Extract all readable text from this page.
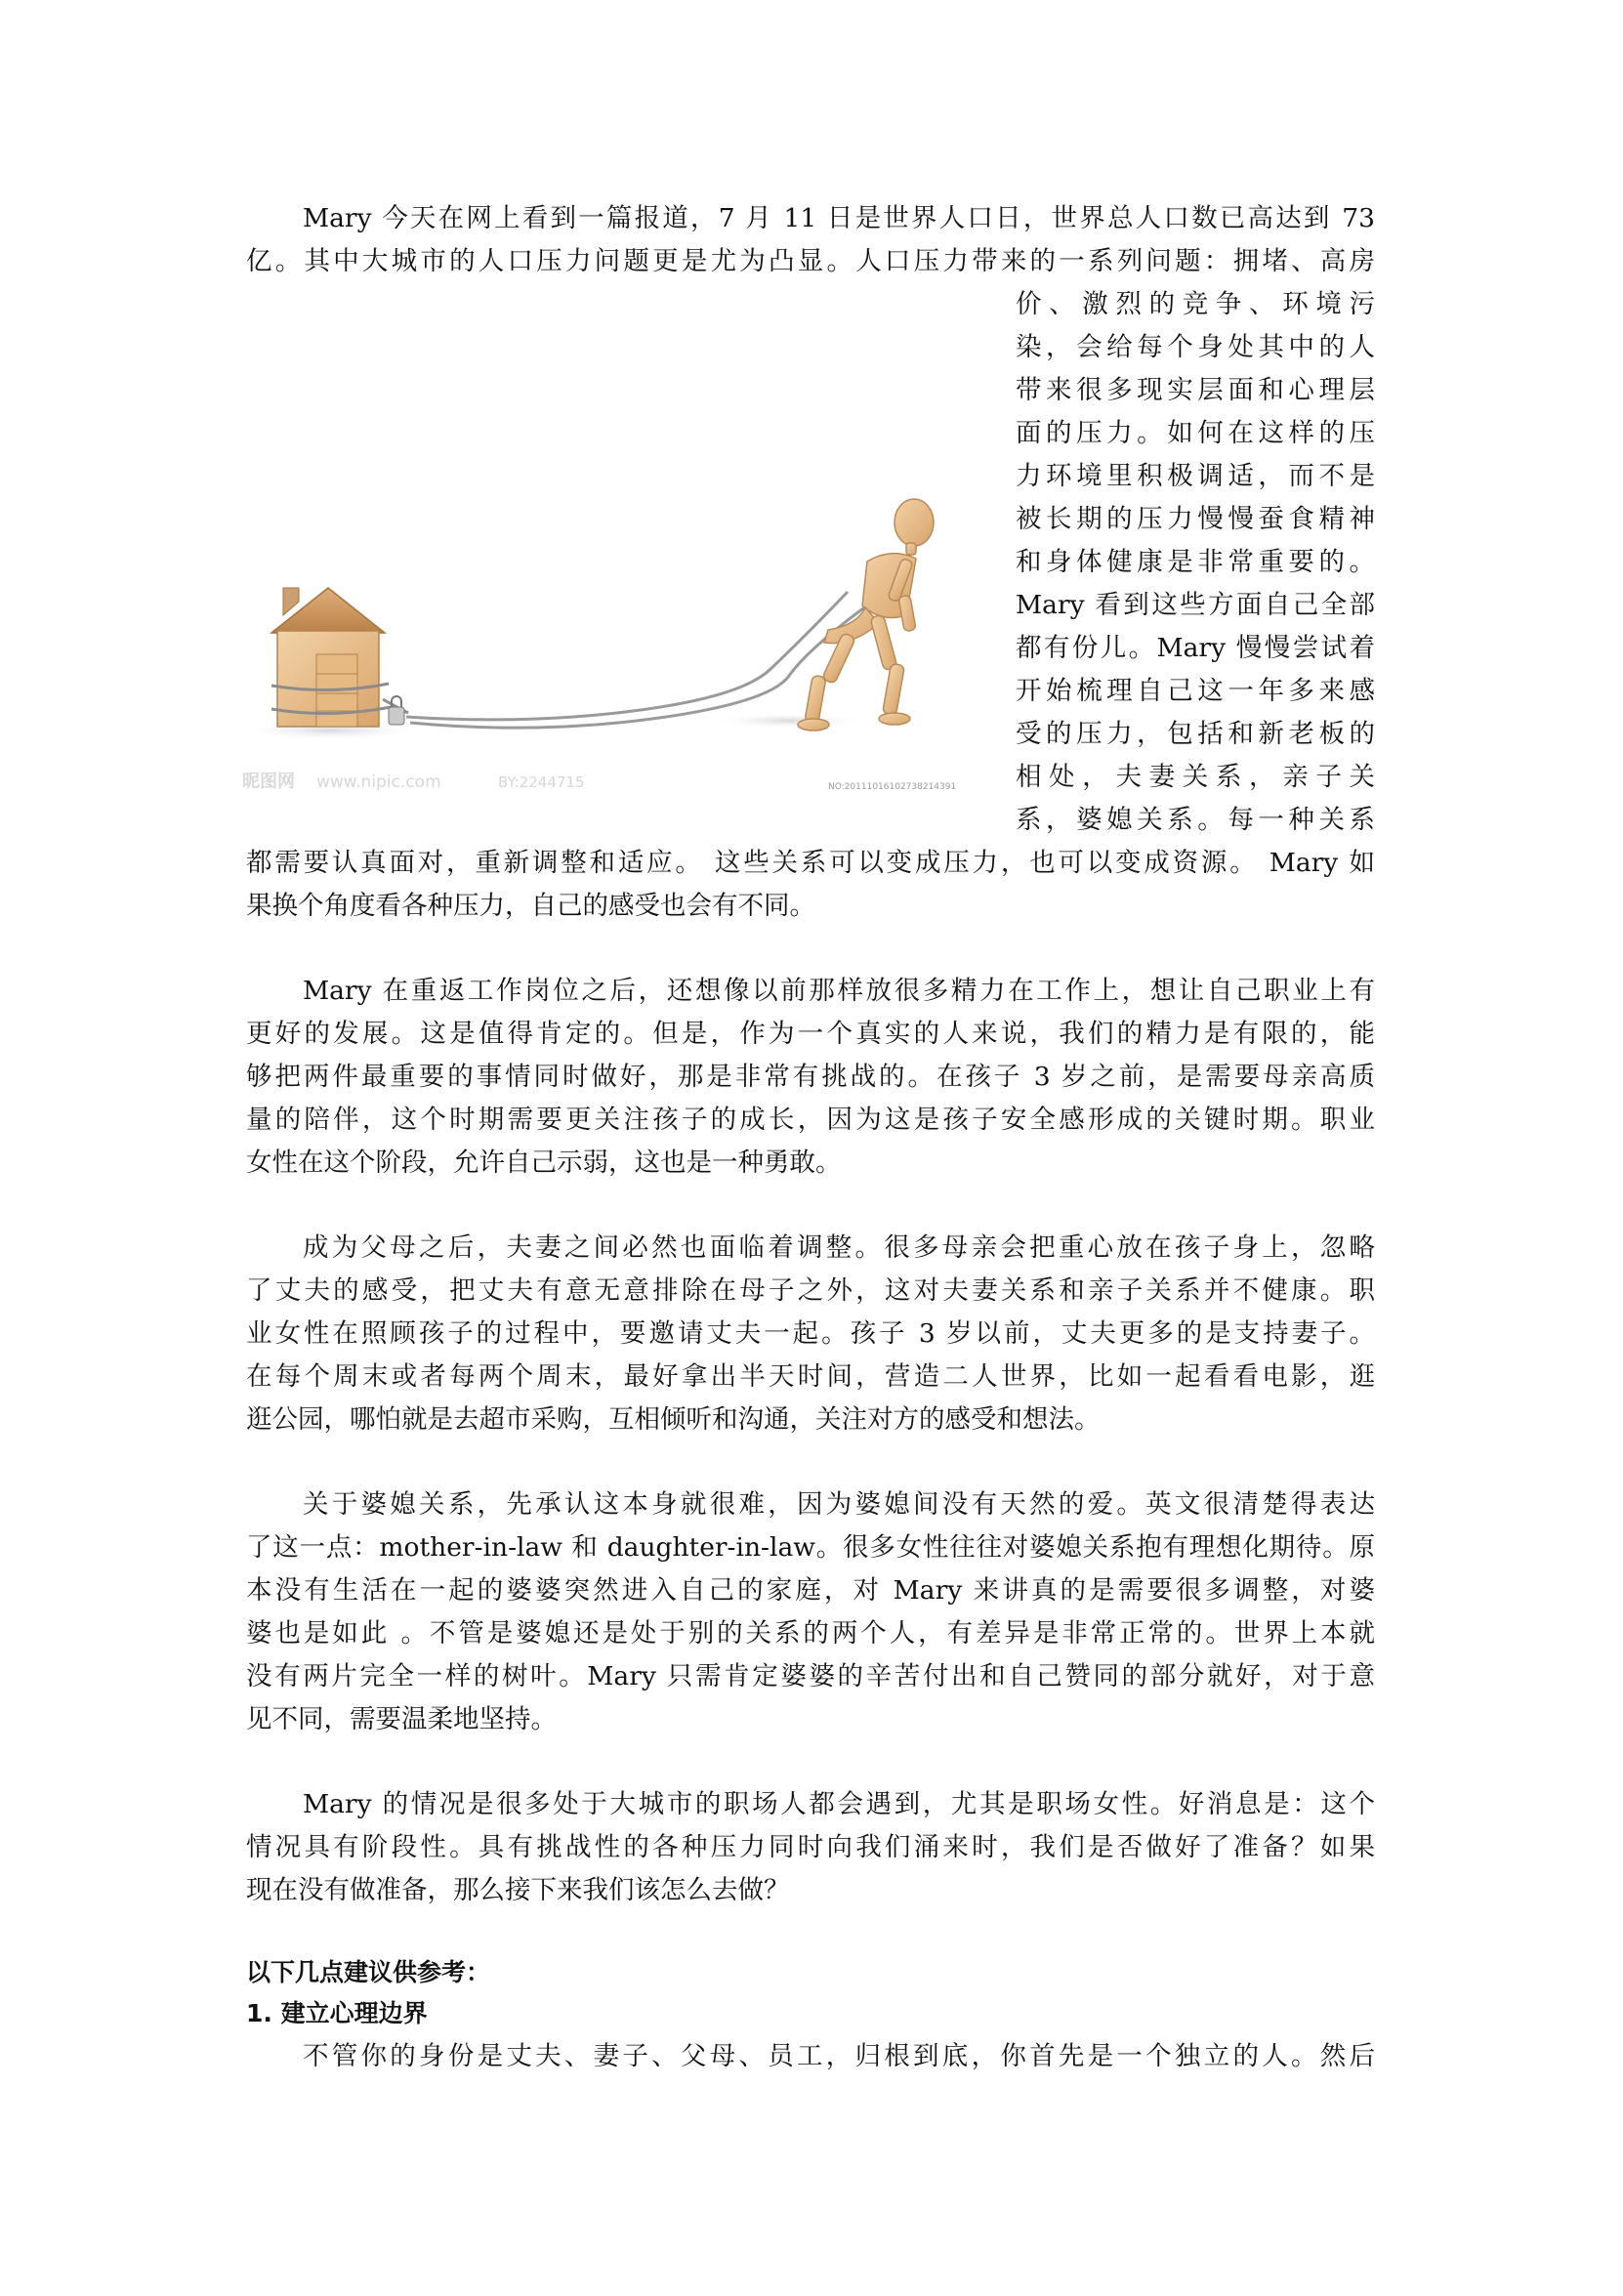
Mary 今天在网上看到一篇报道，7 月 11 日是世界人口日，世界总人口数已高达到 73
亿。其中大城市的人口压力问题更是尤为凸显。人口压力带来的一系列问题：拥堵、高房
价、激烈的竞争、环境污
染，会给每个身处其中的人
带来很多现实层面和心理层
面的压力。如何在这样的压
力环境里积极调适，而不是
被长期的压力慢慢蚕食精神
和身体健康是非常重要的。
Mary 看到这些方面自己全部
都有份儿。Mary 慢慢尝试着
开始梳理自己这一年多来感
受的压力，包括和新老板的
相处，夫妻关系，亲子关
系，婆媳关系。每一种关系
都需要认真面对，重新调整和适应。 这些关系可以变成压力，也可以变成资源。 Mary 如
果换个角度看各种压力，自己的感受也会有不同。
昵图网 www.nipic.com	BY:2244715	NO:20111016102738214391
Mary 在重返工作岗位之后，还想像以前那样放很多精力在工作上，想让自己职业上有
更好的发展。这是值得肯定的。但是，作为一个真实的人来说，我们的精力是有限的，能
够把两件最重要的事情同时做好，那是非常有挑战的。在孩子 3 岁之前，是需要母亲高质
量的陪伴，这个时期需要更关注孩子的成长，因为这是孩子安全感形成的关键时期。职业
女性在这个阶段，允许自己示弱，这也是一种勇敢。
成为父母之后，夫妻之间必然也面临着调整。很多母亲会把重心放在孩子身上，忽略
了丈夫的感受，把丈夫有意无意排除在母子之外，这对夫妻关系和亲子关系并不健康。职
业女性在照顾孩子的过程中，要邀请丈夫一起。孩子 3 岁以前，丈夫更多的是支持妻子。
在每个周末或者每两个周末，最好拿出半天时间，营造二人世界，比如一起看看电影，逛
逛公园，哪怕就是去超市采购，互相倾听和沟通，关注对方的感受和想法。
关于婆媳关系，先承认这本身就很难，因为婆媳间没有天然的爱。英文很清楚得表达
了这一点：mother-in-law 和 daughter-in-law。很多女性往往对婆媳关系抱有理想化期待。原
本没有生活在一起的婆婆突然进入自己的家庭，对 Mary 来讲真的是需要很多调整，对婆
婆也是如此 。不管是婆媳还是处于别的关系的两个人，有差异是非常正常的。世界上本就
没有两片完全一样的树叶。Mary 只需肯定婆婆的辛苦付出和自己赞同的部分就好，对于意
见不同，需要温柔地坚持。
Mary 的情况是很多处于大城市的职场人都会遇到，尤其是职场女性。好消息是：这个
情况具有阶段性。具有挑战性的各种压力同时向我们涌来时，我们是否做好了准备？如果
现在没有做准备，那么接下来我们该怎么去做？
以下几点建议供参考：
1. 建立心理边界
不管你的身份是丈夫、妻子、父母、员工，归根到底，你首先是一个独立的人。然后
